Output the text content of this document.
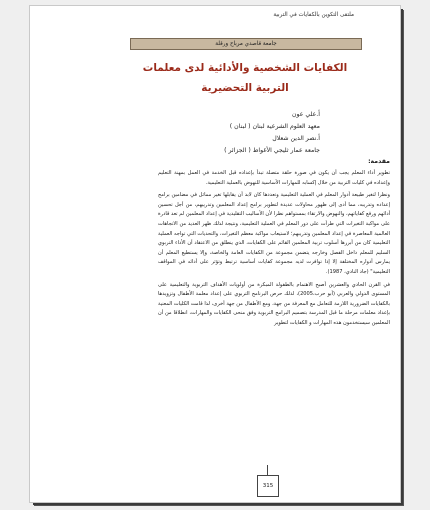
ملتقى التكوين بالكفايات في التربية
جامعة قاصدي مرباح ورقلة
الكفايات الشخصية والأدائية لدى معلمات التربية التحضيرية
أ.علي عون
معهد العلوم الشرعية لبنان ( لبنان )
أ.نصر الدين شعلال
جامعة عمار ثليجي الأغواط ( الجزائر )
مقدمة:

تطوير أداء المعلم يجب أن يكون في صورة حلقة متصلة تبدأ بإعداده قبل الخدمة في العمل بمهنة التعليم وإعداده في كليات التربية من خلال إكسابه للمهارات الأساسية للنهوض بالعملية التعليمية.

ونظرا لتغير طبيعة أدوار المعلم في العملية التعليمية وتعددها كان لابد أن يقابلها تغير مماثل في مضامين برامج إعداده وتدريبه، مما أدى إلى ظهور محاولات عديدة لتطوير برامج إعداد المعلمين وتدريبهم، من أجل تحسين أدائهم ورفع كفاياتهم، والنهوض والارتقاء بمستواهم نظرا لأن الأساليب التقليدية في إعداد المعلمين لم تعد قادرة على مواكبة التغيرات التي طرأت على دور المعلم في العملية التعليمية، ونتيجة لذلك ظهر العديد من الاتجاهات العالمية المعاصرة في إعداد المعلمين وتدريبهم؛ لاستيعاب مواكبة معظم التغيرات، والتحديات التي تواجه العملية التعليمية كان من أبرزها أسلوب تربية المعلمين القائم على الكفايات، الذي ينطلق من الاعتقاد أن الأداء التربوي السليم للمعلم داخل الفصل وخارجه يتضمن مجموعة من الكفايات العامة والخاصة، وإلا يستطيع المعلم أن يمارس أدواره المختلفة إلا إذا توافرت لديه مجموعة كفايات أساسية ترتبط وتؤثر على أدائه في المواقف التعليمية" (جاد النادي، 1987).

في القرن الحادي والعشرين أصبح الاهتمام بالطفولة المبكرة من أولويات الأهداف التربوية والتعليمية على المستوى الدولي والعربي (أبو حرب،2005)، لذلك حرص البرنامج التربوي على إعداد معلمة الأطفال وتزويدها بالكفايات الضرورية اللازمة للتعامل مع المعرفة من جهة، ومع الأطفال من جهة أخرى، لذا قامت الكليات المعنية بإعداد معلمات مرحلة ما قبل المدرسة بتصميم البرامج التربوية وفق منحى الكفايات والمهارات، انطلاقا من أن المعلمين سيستخدمون هذه المهارات و الكفايات لتطوير

315
